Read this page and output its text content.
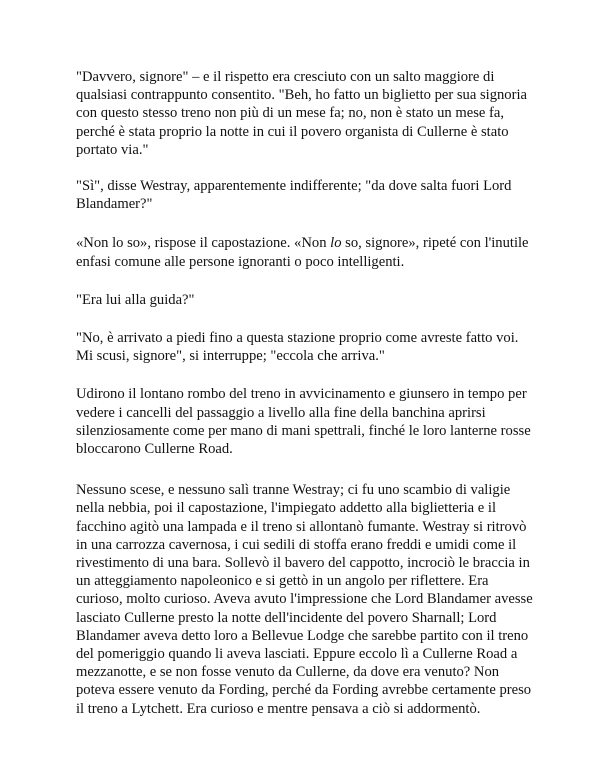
"Davvero, signore" – e il rispetto era cresciuto con un salto maggiore di qualsiasi contrappunto consentito. "Beh, ho fatto un biglietto per sua signoria con questo stesso treno non più di un mese fa; no, non è stato un mese fa, perché è stata proprio la notte in cui il povero organista di Cullerne è stato portato via."

"Sì", disse Westray, apparentemente indifferente; "da dove salta fuori Lord Blandamer?"

«Non lo so», rispose il capostazione. «Non lo so, signore», ripeté con l'inutile enfasi comune alle persone ignoranti o poco intelligenti.

"Era lui alla guida?"

"No, è arrivato a piedi fino a questa stazione proprio come avreste fatto voi. Mi scusi, signore", si interruppe; "eccola che arriva."

Udirono il lontano rombo del treno in avvicinamento e giunsero in tempo per vedere i cancelli del passaggio a livello alla fine della banchina aprirsi silenziosamente come per mano di mani spettrali, finché le loro lanterne rosse bloccarono Cullerne Road.

Nessuno scese, e nessuno salì tranne Westray; ci fu uno scambio di valigie nella nebbia, poi il capostazione, l'impiegato addetto alla biglietteria e il facchino agitò una lampada e il treno si allontanò fumante. Westray si ritrovò in una carrozza cavernosa, i cui sedili di stoffa erano freddi e umidi come il rivestimento di una bara. Sollevò il bavero del cappotto, incrociò le braccia in un atteggiamento napoleonico e si gettò in un angolo per riflettere. Era curioso, molto curioso. Aveva avuto l'impressione che Lord Blandamer avesse lasciato Cullerne presto la notte dell'incidente del povero Sharnall; Lord Blandamer aveva detto loro a Bellevue Lodge che sarebbe partito con il treno del pomeriggio quando li aveva lasciati. Eppure eccolo lì a Cullerne Road a mezzanotte, e se non fosse venuto da Cullerne, da dove era venuto? Non poteva essere venuto da Fording, perché da Fording avrebbe certamente preso il treno a Lytchett. Era curioso e mentre pensava a ciò si addormentò.
